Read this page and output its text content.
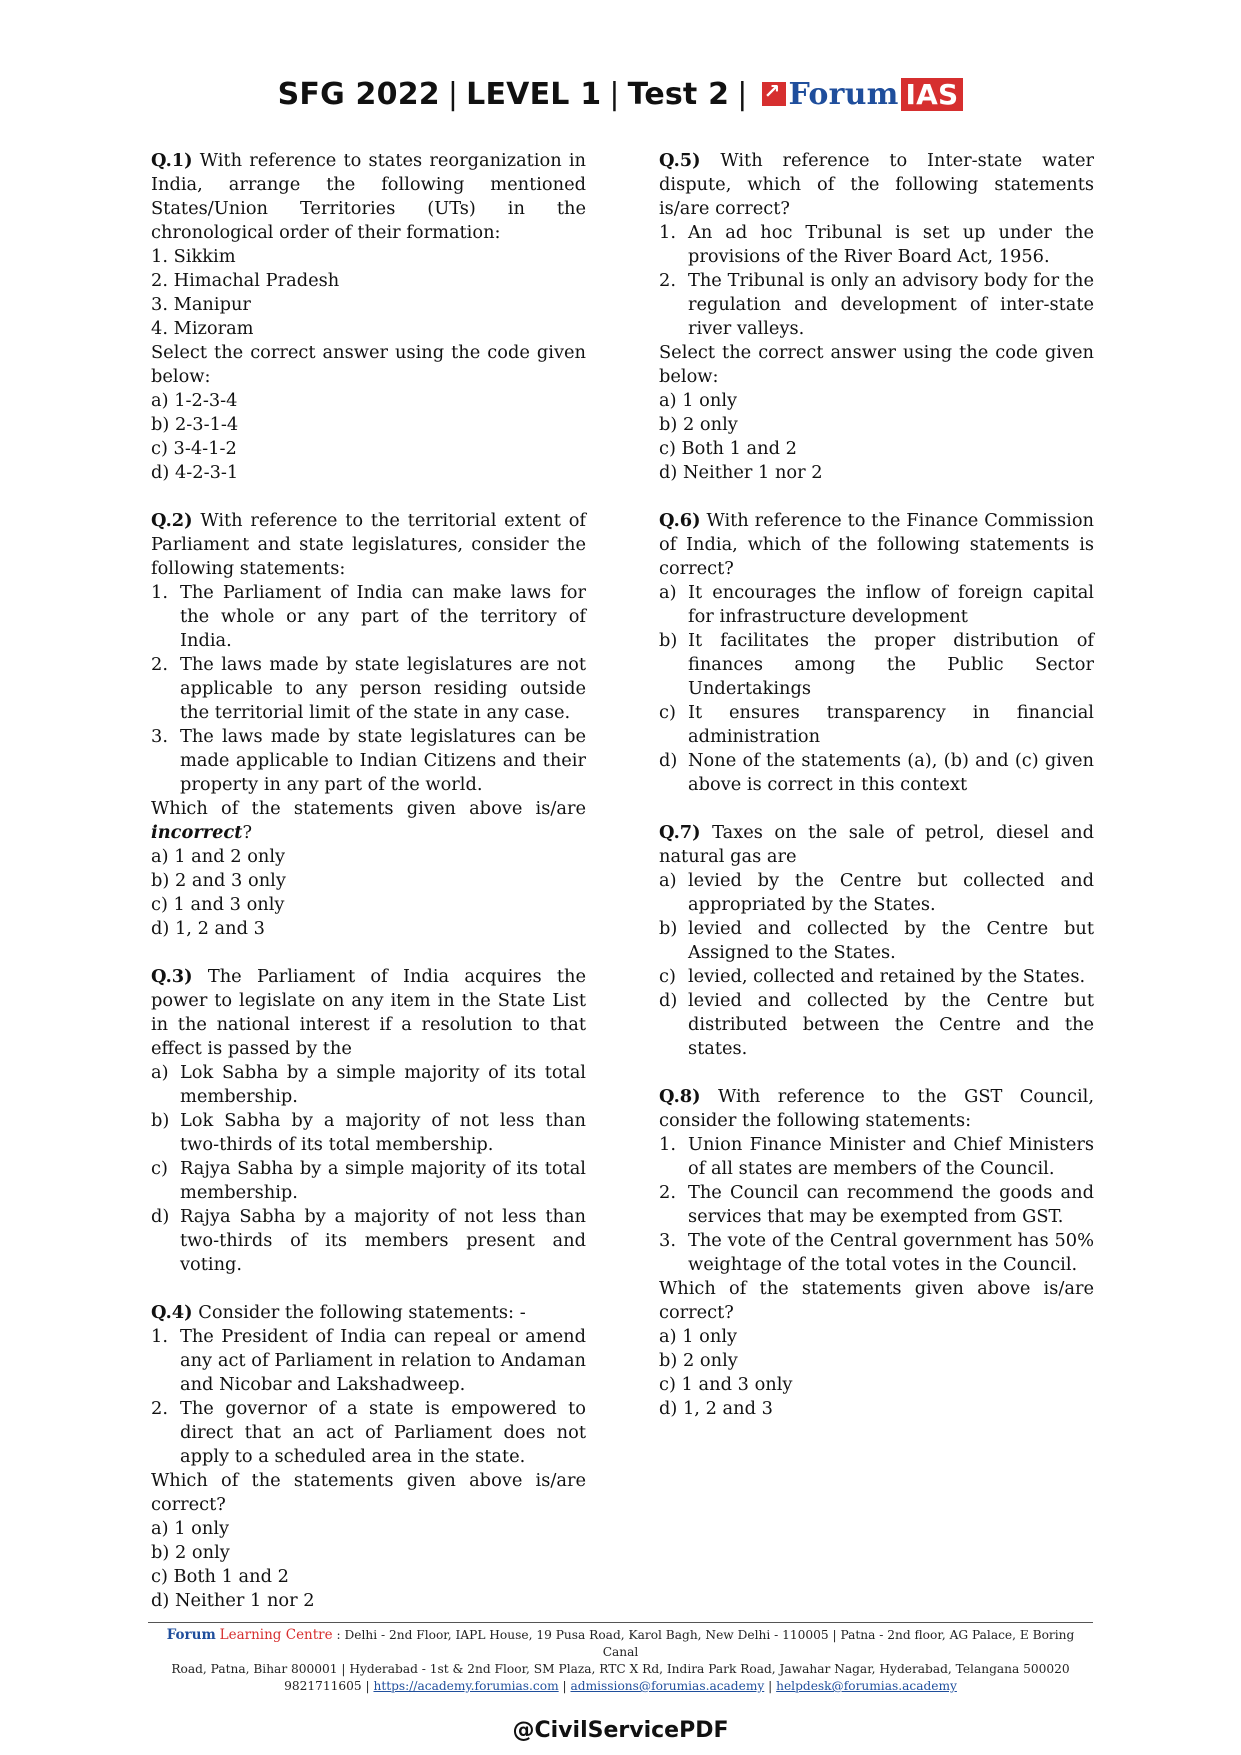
SFG 2022 | LEVEL 1 | Test 2 |↗ Forum IAS

Q.1) With reference to states reorganization in India, arrange the following mentioned States/Union Territories (UTs) in the chronological order of their formation:

1. Sikkim

2. Himachal Pradesh

3. Manipur

4. Mizoram

Select the correct answer using the code given below:

a) 1-2-3-4

b) 2-3-1-4

c) 3-4-1-2

d) 4-2-3-1

Q.2) With reference to the territorial extent of Parliament and state legislatures, consider the following statements:

1. The Parliament of India can make laws for the whole or any part of the territory of India.

2. The laws made by state legislatures are not applicable to any person residing outside the territorial limit of the state in any case.

3. The laws made by state legislatures can be made applicable to Indian Citizens and their property in any part of the world.

Which of the statements given above is/are incorrect?

a) 1 and 2 only

b) 2 and 3 only

c) 1 and 3 only

d) 1, 2 and 3

Q.3) The Parliament of India acquires the power to legislate on any item in the State List in the national interest if a resolution to that effect is passed by the

a) Lok Sabha by a simple majority of its total membership.

b) Lok Sabha by a majority of not less than two-thirds of its total membership.

c) Rajya Sabha by a simple majority of its total membership.

d) Rajya Sabha by a majority of not less than two-thirds of its members present and voting.

Q.4) Consider the following statements: -

1. The President of India can repeal or amend any act of Parliament in relation to Andaman and Nicobar and Lakshadweep.

2. The governor of a state is empowered to direct that an act of Parliament does not apply to a scheduled area in the state.

Which of the statements given above is/are correct?

a) 1 only

b) 2 only

c) Both 1 and 2

d) Neither 1 nor 2

Q.5) With reference to Inter-state water dispute, which of the following statements is/are correct?

1. An ad hoc Tribunal is set up under the provisions of the River Board Act, 1956.

2. The Tribunal is only an advisory body for the regulation and development of inter-state river valleys.

Select the correct answer using the code given below:

a) 1 only

b) 2 only

c) Both 1 and 2

d) Neither 1 nor 2

Q.6) With reference to the Finance Commission of India, which of the following statements is correct?

a) It encourages the inflow of foreign capital for infrastructure development

b) It facilitates the proper distribution of finances among the Public Sector Undertakings

c) It ensures transparency in financial administration

d) None of the statements (a), (b) and (c) given above is correct in this context

Q.7) Taxes on the sale of petrol, diesel and natural gas are

a) levied by the Centre but collected and appropriated by the States.

b) levied and collected by the Centre but Assigned to the States.

c) levied, collected and retained by the States.

d) levied and collected by the Centre but distributed between the Centre and the states.

Q.8) With reference to the GST Council, consider the following statements:

1. Union Finance Minister and Chief Ministers of all states are members of the Council.

2. The Council can recommend the goods and services that may be exempted from GST.

3. The vote of the Central government has 50% weightage of the total votes in the Council.

Which of the statements given above is/are correct?

a) 1 only

b) 2 only

c) 1 and 3 only

d) 1, 2 and 3

Forum Learning Centre : Delhi - 2nd Floor, IAPL House, 19 Pusa Road, Karol Bagh, New Delhi - 110005 | Patna - 2nd floor, AG Palace, E Boring Canal
Road, Patna, Bihar 800001 | Hyderabad - 1st & 2nd Floor, SM Plaza, RTC X Rd, Indira Park Road, Jawahar Nagar, Hyderabad, Telangana 500020
9821711605 | https://academy.forumias.com | admissions@forumias.academy | helpdesk@forumias.academy
@CivilServicePDF
